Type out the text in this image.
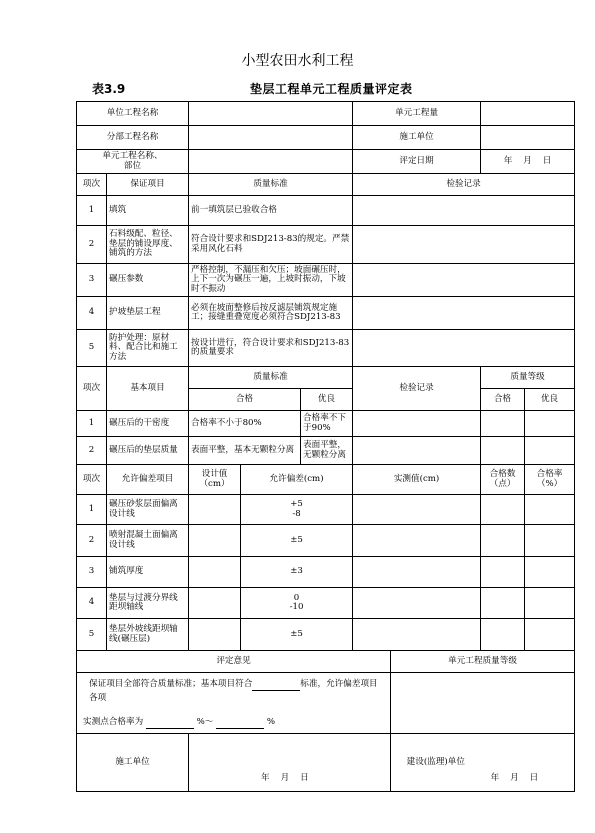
小型农田水利工程
表3.9	垫层工程单元工程质量评定表
单位工程名称					单元工程量			
分部工程名称					施工单位			
单元工程名称、
部位					评定日期		年 月 日	
项次	保证项目	质量标准			检验记录			
1	填筑	前一填筑层已验收合格						
2	石料级配、粒径、垫层的铺设厚度、铺筑的方法	符合设计要求和SDJ213-83的规定。严禁采用风化石料						
3	碾压参数	严格控制，不漏压和欠压；坡面碾压时，上下一次为碾压一遍，上坡时振动，下坡时不振动						
4	护坡垫层工程	必须在坡面整修后按反滤层铺筑规定施工；接缝重叠宽度必须符合SDJ213-83						
5	防护处理：原材料、配合比和施工方法	按设计进行，符合设计要求和SDJ213-83的质量要求						
项次	基本项目	质量标准			检验记录		质量等级	
		合格		优良			合格	优良
1	碾压后的干密度	合格率不小于80%		合格率不下于90%				
2	碾压后的垫层质量	表面平整，基本无颗粒分离		表面平整，无颗粒分离				
项次	允许偏差项目	设计值（cm）	允许偏差(cm)		实测值(cm)		合格数（点）	合格率（%）
1	碾压砂浆层面偏离设计线		+5
-8					
2	喷射混凝土面偏离设计线		±5					
3	铺筑厚度		±3					
4	垫层与过渡分界线距坝轴线		0
-10					
5	垫层外坡线距坝轴线(碾压层)		±5					
评定意见						单元工程质量等级		

保证项目全部符合质量标准；基本项目符合 标准，允许偏差项目各项
实测点合格率为 %～ %								

施工单位		年 月 日				建设(监理)单位	年 月 日	
